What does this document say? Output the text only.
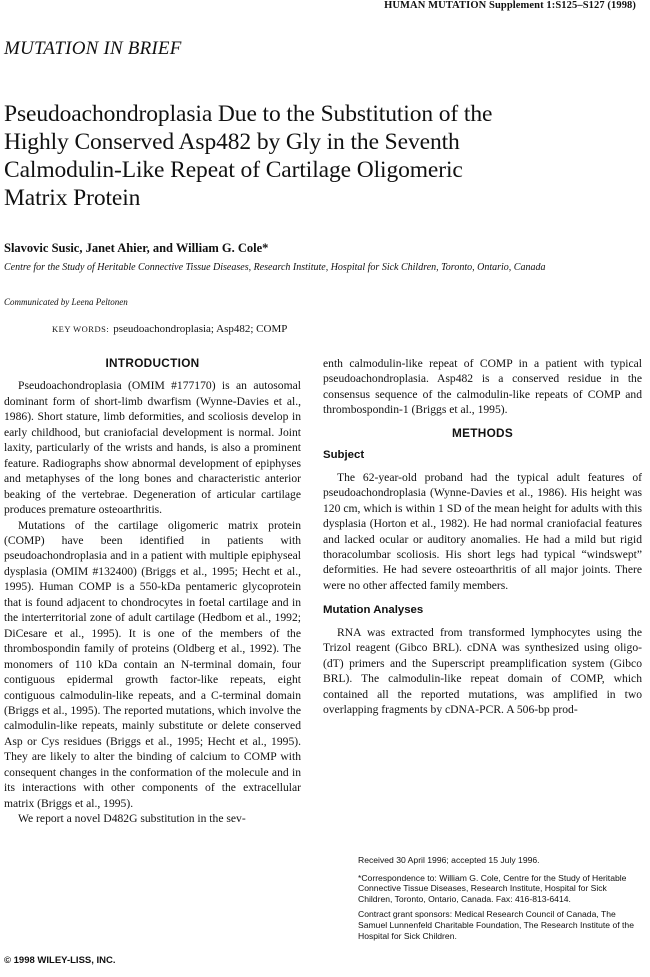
HUMAN MUTATION Supplement 1:S125–S127 (1998)
MUTATION IN BRIEF
Pseudoachondroplasia Due to the Substitution of the
Highly Conserved Asp482 by Gly in the Seventh
Calmodulin-Like Repeat of Cartilage Oligomeric
Matrix Protein
Slavovic Susic, Janet Ahier, and William G. Cole*
Centre for the Study of Heritable Connective Tissue Diseases, Research Institute, Hospital for Sick Children, Toronto, Ontario, Canada
Communicated by Leena Peltonen
KEY WORDS: pseudoachondroplasia; Asp482; COMP
INTRODUCTION

Pseudoachondroplasia (OMIM #177170) is an autosomal dominant form of short-limb dwarfism (Wynne-Davies et al., 1986). Short stature, limb deformities, and scoliosis develop in early childhood, but craniofacial development is normal. Joint laxity, particularly of the wrists and hands, is also a prominent feature. Radiographs show abnormal development of epiphyses and metaphyses of the long bones and characteristic anterior beaking of the vertebrae. Degeneration of articular cartilage produces premature osteoarthritis.

Mutations of the cartilage oligomeric matrix protein (COMP) have been identified in patients with pseudoachondroplasia and in a patient with multiple epiphyseal dysplasia (OMIM #132400) (Briggs et al., 1995; Hecht et al., 1995). Human COMP is a 550-kDa pentameric glycoprotein that is found adjacent to chondrocytes in foetal cartilage and in the interterritorial zone of adult cartilage (Hedbom et al., 1992; DiCesare et al., 1995). It is one of the members of the thrombospondin family of proteins (Oldberg et al., 1992). The monomers of 110 kDa contain an N-terminal domain, four contiguous epidermal growth factor-like repeats, eight contiguous calmodulin-like repeats, and a C-terminal domain (Briggs et al., 1995). The reported mutations, which involve the calmodulin-like repeats, mainly substitute or delete conserved Asp or Cys residues (Briggs et al., 1995; Hecht et al., 1995). They are likely to alter the binding of calcium to COMP with consequent changes in the conformation of the molecule and in its interactions with other components of the extracellular matrix (Briggs et al., 1995).

We report a novel D482G substitution in the sev-

enth calmodulin-like repeat of COMP in a patient with typical pseudoachondroplasia. Asp482 is a conserved residue in the consensus sequence of the calmodulin-like repeats of COMP and thrombospondin-1 (Briggs et al., 1995).

METHODS
Subject

The 62-year-old proband had the typical adult features of pseudoachondroplasia (Wynne-Davies et al., 1986). His height was 120 cm, which is within 1 SD of the mean height for adults with this dysplasia (Horton et al., 1982). He had normal craniofacial features and lacked ocular or auditory anomalies. He had a mild but rigid thoracolumbar scoliosis. His short legs had typical “windswept” deformities. He had severe osteoarthritis of all major joints. There were no other affected family members.

Mutation Analyses

RNA was extracted from transformed lymphocytes using the Trizol reagent (Gibco BRL). cDNA was synthesized using oligo-(dT) primers and the Superscript preamplification system (Gibco BRL). The calmodulin-like repeat domain of COMP, which contained all the reported mutations, was amplified in two overlapping fragments by cDNA-PCR. A 506-bp prod-

Received 30 April 1996; accepted 15 July 1996.

*Correspondence to: William G. Cole, Centre for the Study of Heritable Connective Tissue Diseases, Research Institute, Hospital for Sick Children, Toronto, Ontario, Canada. Fax: 416-813-6414.

Contract grant sponsors: Medical Research Council of Canada, The Samuel Lunnenfeld Charitable Foundation, The Research Institute of the Hospital for Sick Children.

© 1998 WILEY-LISS, INC.
